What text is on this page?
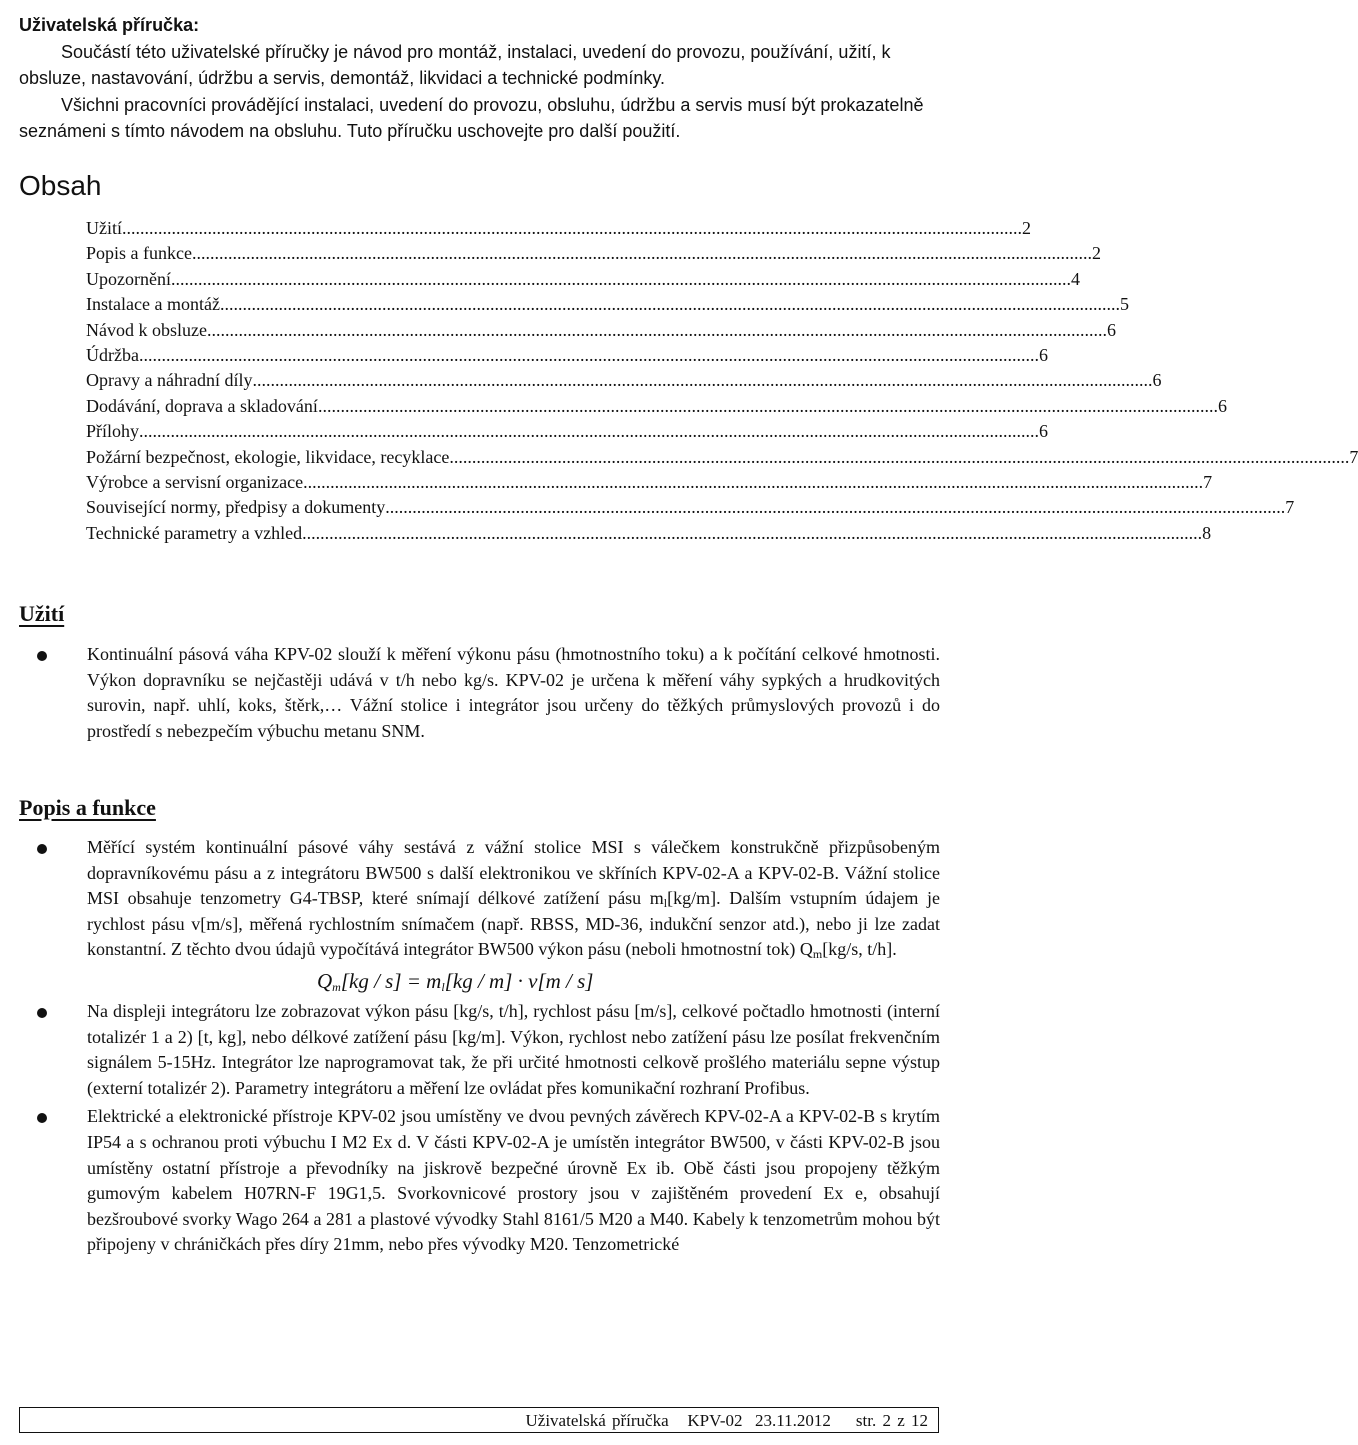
Uživatelská příručka:
Součástí této uživatelské příručky je návod pro montáž, instalaci, uvedení do provozu, používání, užití, k obsluze, nastavování, údržbu a servis, demontáž, likvidaci a technické podmínky.
Všichni pracovníci provádějící instalaci, uvedení do provozu, obsluhu, údržbu a servis musí být prokazatelně seznámeni s tímto návodem na obsluhu. Tuto příručku uschovejte pro další použití.
Obsah
Užití ........................................................................................................................................................................................................ 2
Popis a funkce ........................................................................................................................................................................................................ 2
Upozornění ........................................................................................................................................................................................................ 4
Instalace a montáž ........................................................................................................................................................................................................ 5
Návod k obsluze ........................................................................................................................................................................................................ 6
Údržba ........................................................................................................................................................................................................ 6
Opravy a náhradní díly ........................................................................................................................................................................................................ 6
Dodávání, doprava a skladování ........................................................................................................................................................................................................ 6
Přílohy ........................................................................................................................................................................................................ 6
Požární bezpečnost, ekologie, likvidace, recyklace ........................................................................................................................................................................................................ 7
Výrobce a servisní organizace ........................................................................................................................................................................................................ 7
Související normy, předpisy a dokumenty ........................................................................................................................................................................................................ 7
Technické parametry a vzhled ........................................................................................................................................................................................................ 8
Užití

Kontinuální pásová váha KPV-02 slouží k měření výkonu pásu (hmotnostního toku) a k počítání celkové hmotnosti. Výkon dopravníku se nejčastěji udává v t/h nebo kg/s. KPV-02 je určena k měření váhy sypkých a hrudkovitých surovin, např. uhlí, koks, štěrk,… Vážní stolice i integrátor jsou určeny do těžkých průmyslových provozů i do prostředí s nebezpečím výbuchu metanu SNM.

Popis a funkce

Měřící systém kontinuální pásové váhy sestává z vážní stolice MSI s válečkem konstrukčně přizpůsobeným dopravníkovému pásu a z integrátoru BW500 s další elektronikou ve skříních KPV-02-A a KPV-02-B. Vážní stolice MSI obsahuje tenzometry G4-TBSP, které snímají délkové zatížení pásu $m_l[kg/m]$. Dalším vstupním údajem je rychlost pásu v[m/s], měřená rychlostním snímačem (např. RBSS, MD-36, indukční senzor atd.), nebo ji lze zadat konstantní. Z těchto dvou údajů vypočítává integrátor BW500 výkon pásu (neboli hmotnostní tok) $Q_m[kg/s$, t/h].

$Q_m[kg / s] = m_l[kg / m] \cdot v[m / s]$

Na displeji integrátoru lze zobrazovat výkon pásu [kg/s, t/h], rychlost pásu [m/s], celkové počtadlo hmotnosti (interní totalizér 1 a 2) [t, kg], nebo délkové zatížení pásu [kg/m]. Výkon, rychlost nebo zatížení pásu lze posílat frekvenčním signálem 5-15Hz. Integrátor lze naprogramovat tak, že při určité hmotnosti celkově prošlého materiálu sepne výstup (externí totalizér 2). Parametry integrátoru a měření lze ovládat přes komunikační rozhraní Profibus.

Elektrické a elektronické přístroje KPV-02 jsou umístěny ve dvou pevných závěrech KPV-02-A a KPV-02-B s krytím IP54 a s ochranou proti výbuchu I M2 Ex d. V části KPV-02-A je umístěn integrátor BW500, v části KPV-02-B jsou umístěny ostatní přístroje a převodníky na jiskrově bezpečné úrovně Ex ib. Obě části jsou propojeny těžkým gumovým kabelem H07RN-F 19G1,5. Svorkovnicové prostory jsou v zajištěném provedení Ex e, obsahují bezšroubové svorky Wago 264 a 281 a plastové vývodky Stahl 8161/5 M20 a M40. Kabely k tenzometrům mohou být připojeny v chráničkách přes díry 21mm, nebo přes vývodky M20. Tenzometrické

Uživatelská příručka KPV-02 23.11.2012 str. 2 z 12
